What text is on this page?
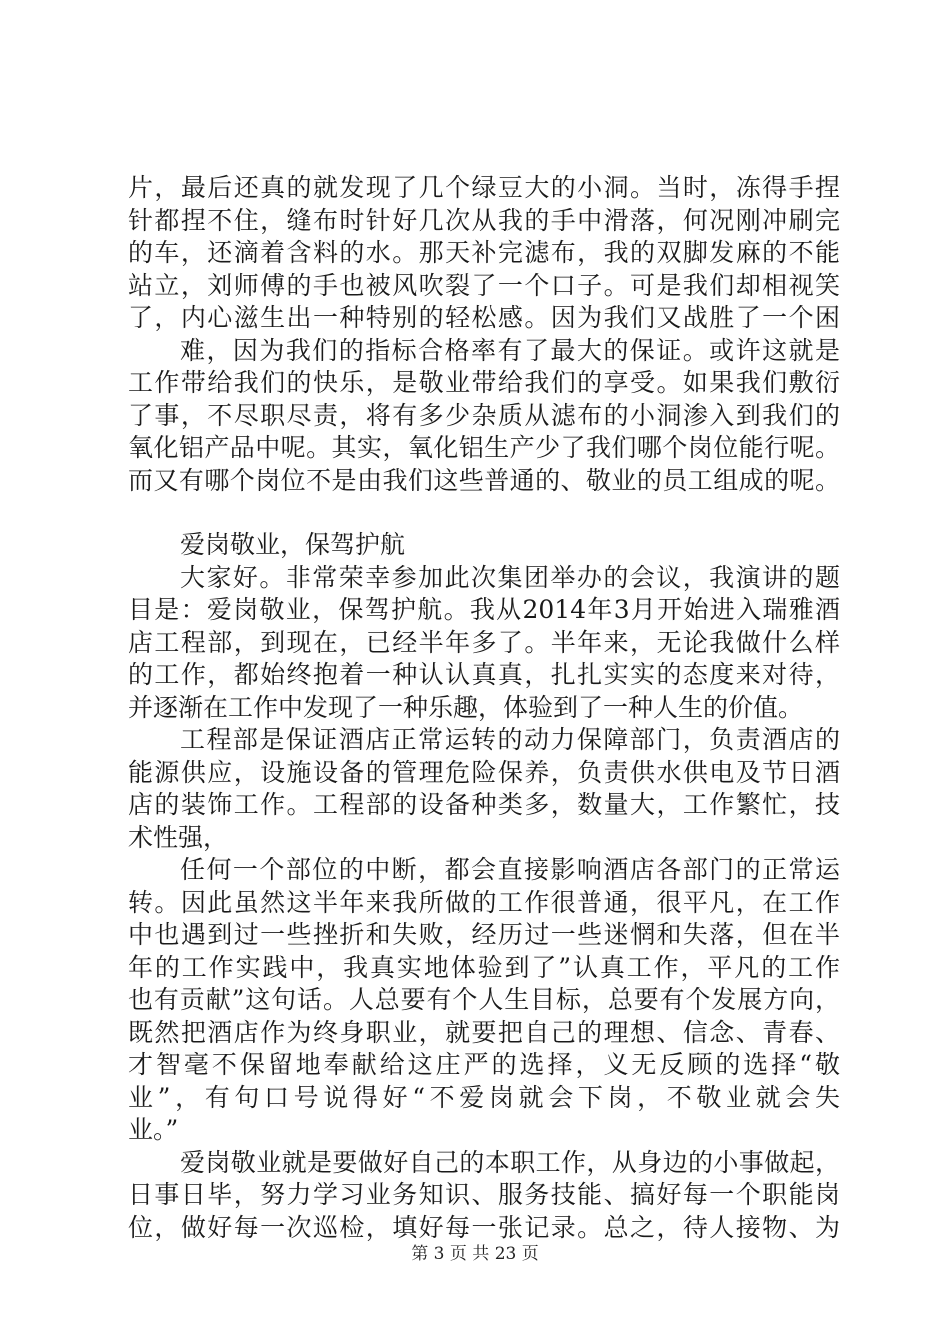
片，最后还真的就发现了几个绿豆大的小洞。当时，冻得手捏
针都捏不住，缝布时针好几次从我的手中滑落，何况刚冲刷完
的车，还滴着含料的水。那天补完滤布，我的双脚发麻的不能
站立，刘师傅的手也被风吹裂了一个口子。可是我们却相视笑
了，内心滋生出一种特别的轻松感。因为我们又战胜了一个困
难，因为我们的指标合格率有了最大的保证。或许这就是
工作带给我们的快乐，是敬业带给我们的享受。如果我们敷衍
了事，不尽职尽责，将有多少杂质从滤布的小洞渗入到我们的
氧化铝产品中呢。其实，氧化铝生产少了我们哪个岗位能行呢。
而又有哪个岗位不是由我们这些普通的、敬业的员工组成的呢。
爱岗敬业，保驾护航
大家好。非常荣幸参加此次集团举办的会议，我演讲的题
目是：爱岗敬业，保驾护航。我从2014年3月开始进入瑞雅酒
店工程部，到现在，已经半年多了。半年来，无论我做什么样
的工作，都始终抱着一种认认真真，扎扎实实的态度来对待，
并逐渐在工作中发现了一种乐趣，体验到了一种人生的价值。
工程部是保证酒店正常运转的动力保障部门，负责酒店的
能源供应，设施设备的管理危险保养，负责供水供电及节日酒
店的装饰工作。工程部的设备种类多，数量大，工作繁忙，技
术性强，
任何一个部位的中断，都会直接影响酒店各部门的正常运
转。因此虽然这半年来我所做的工作很普通，很平凡，在工作
中也遇到过一些挫折和失败，经历过一些迷惘和失落，但在半
年的工作实践中，我真实地体验到了”认真工作，平凡的工作
也有贡献”这句话。人总要有个人生目标，总要有个发展方向，
既然把酒店作为终身职业，就要把自己的理想、信念、青春、
才智毫不保留地奉献给这庄严的选择，义无反顾的选择“敬
业”，有句口号说得好“不爱岗就会下岗，不敬业就会失
业。”
爱岗敬业就是要做好自己的本职工作，从身边的小事做起，
日事日毕，努力学习业务知识、服务技能、搞好每一个职能岗
位，做好每一次巡检，填好每一张记录。总之，待人接物、为
第 3 页 共 23 页
